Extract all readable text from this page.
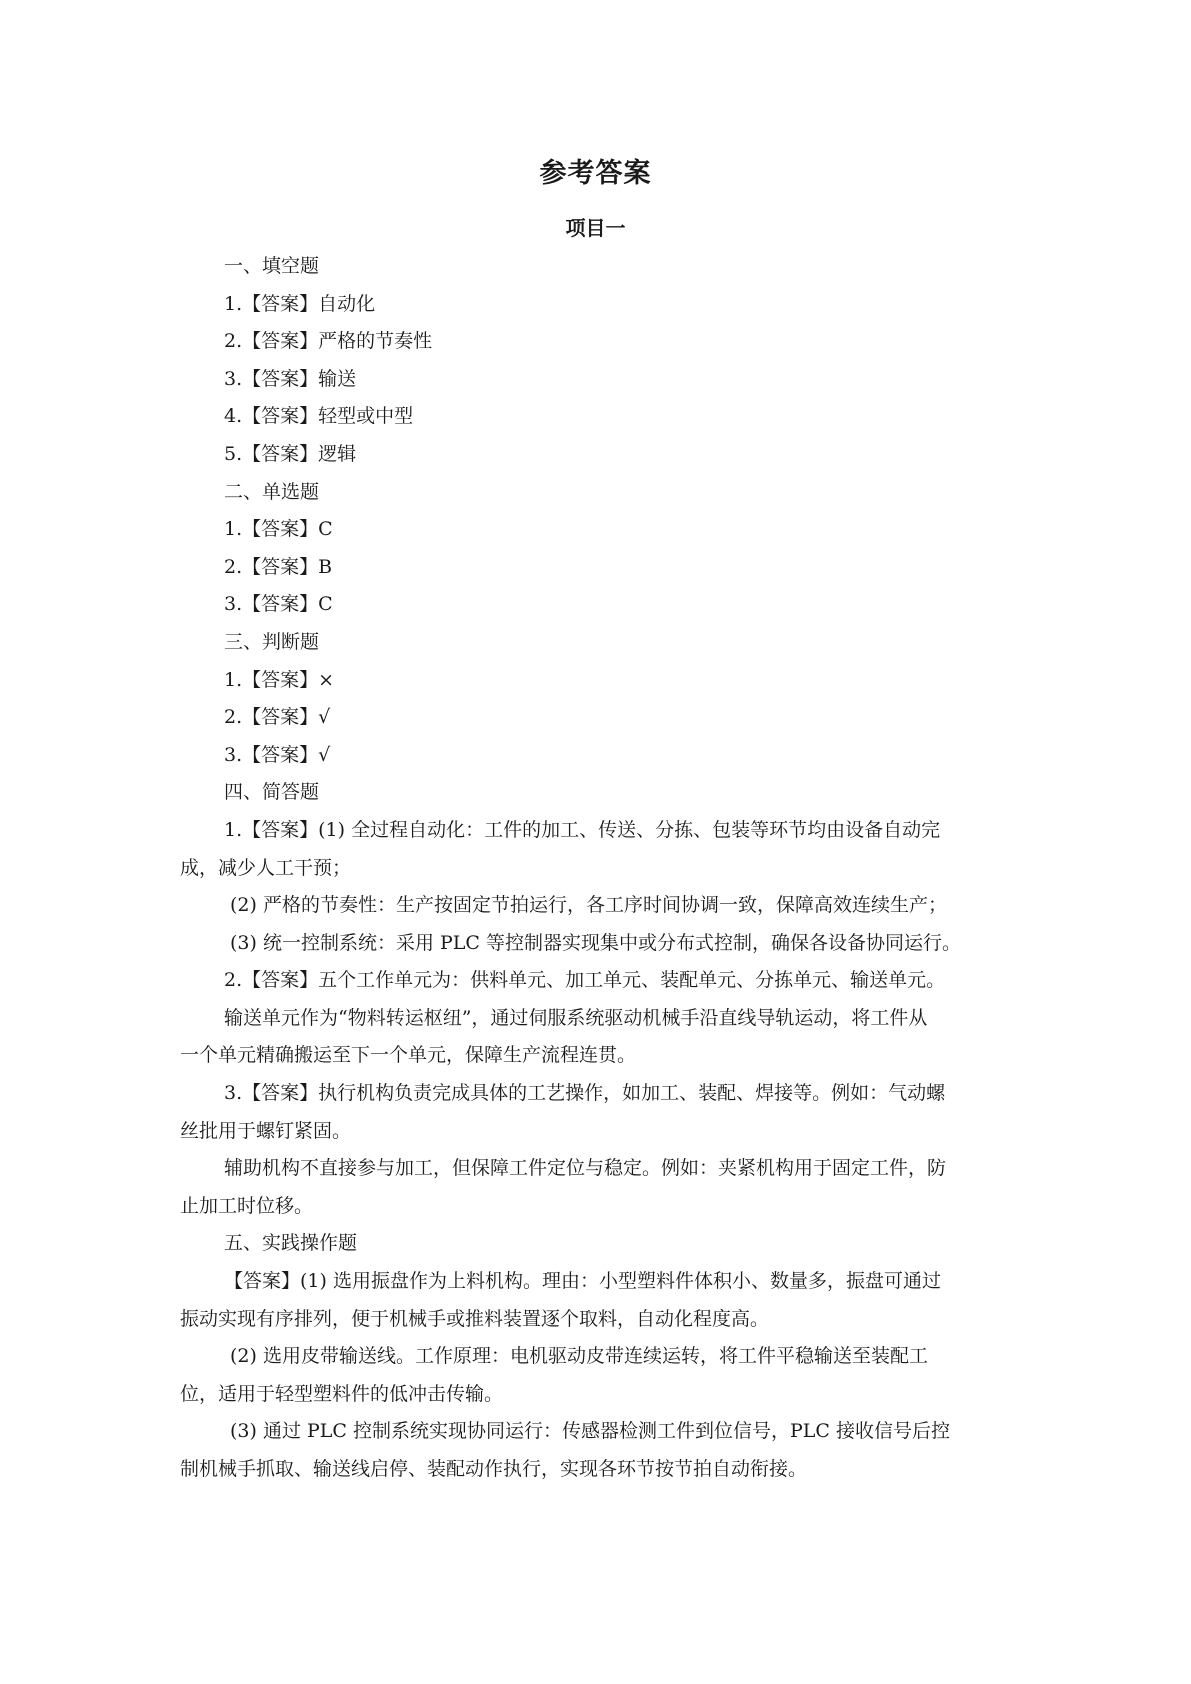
参考答案
项目一

一、填空题

1.【答案】自动化

2.【答案】严格的节奏性

3.【答案】输送

4.【答案】轻型或中型

5.【答案】逻辑

二、单选题

1.【答案】C

2.【答案】B

3.【答案】C

三、判断题

1.【答案】×

2.【答案】√

3.【答案】√

四、简答题

1.【答案】(1) 全过程自动化：工件的加工、传送、分拣、包装等环节均由设备自动完

成，减少人工干预；

(2) 严格的节奏性：生产按固定节拍运行，各工序时间协调一致，保障高效连续生产；

(3) 统一控制系统：采用 PLC 等控制器实现集中或分布式控制，确保各设备协同运行。

2.【答案】五个工作单元为：供料单元、加工单元、装配单元、分拣单元、输送单元。

输送单元作为“物料转运枢纽”，通过伺服系统驱动机械手沿直线导轨运动，将工件从

一个单元精确搬运至下一个单元，保障生产流程连贯。

3.【答案】执行机构负责完成具体的工艺操作，如加工、装配、焊接等。例如：气动螺

丝批用于螺钉紧固。

辅助机构不直接参与加工，但保障工件定位与稳定。例如：夹紧机构用于固定工件，防

止加工时位移。

五、实践操作题

【答案】(1) 选用振盘作为上料机构。理由：小型塑料件体积小、数量多，振盘可通过

振动实现有序排列，便于机械手或推料装置逐个取料，自动化程度高。

(2) 选用皮带输送线。工作原理：电机驱动皮带连续运转，将工件平稳输送至装配工

位，适用于轻型塑料件的低冲击传输。

(3) 通过 PLC 控制系统实现协同运行：传感器检测工件到位信号，PLC 接收信号后控

制机械手抓取、输送线启停、装配动作执行，实现各环节按节拍自动衔接。
